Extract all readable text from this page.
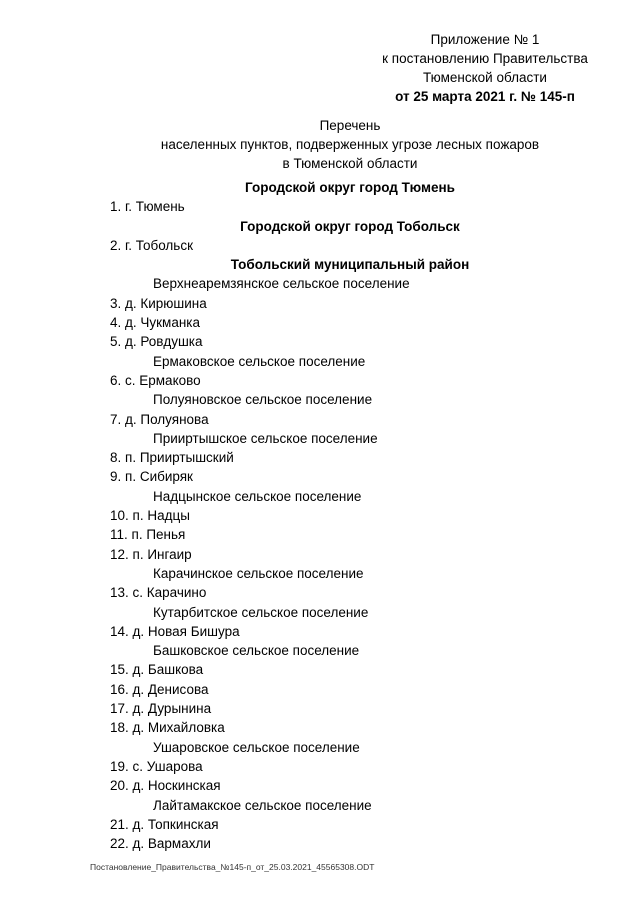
Приложение № 1
к постановлению Правительства
Тюменской области
от 25 марта 2021 г. № 145-п
Перечень
населенных пунктов, подверженных угрозе лесных пожаров
в Тюменской области
Городской округ город Тюмень
1. г. Тюмень
Городской округ город Тобольск
2. г. Тобольск
Тобольский муниципальный район
Верхнеаремзянское сельское поселение
3. д. Кирюшина
4. д. Чукманка
5. д. Ровдушка
Ермаковское сельское поселение
6. с. Ермаково
Полуяновское сельское поселение
7. д. Полуянова
Прииртышское сельское поселение
8. п. Прииртышский
9. п. Сибиряк
Надцынское сельское поселение
10. п. Надцы
11. п. Пенья
12. п. Ингаир
Карачинское сельское поселение
13. с. Карачино
Кутарбитское сельское поселение
14. д. Новая Бишура
Башковское сельское поселение
15. д. Башкова
16. д. Денисова
17. д. Дурынина
18. д. Михайловка
Ушаровское сельское поселение
19. с. Ушарова
20. д. Носкинская
Лайтамакское сельское поселение
21. д. Топкинская
22. д. Вармахли
Постановление_Правительства_№145-п_от_25.03.2021_45565308.ODT
